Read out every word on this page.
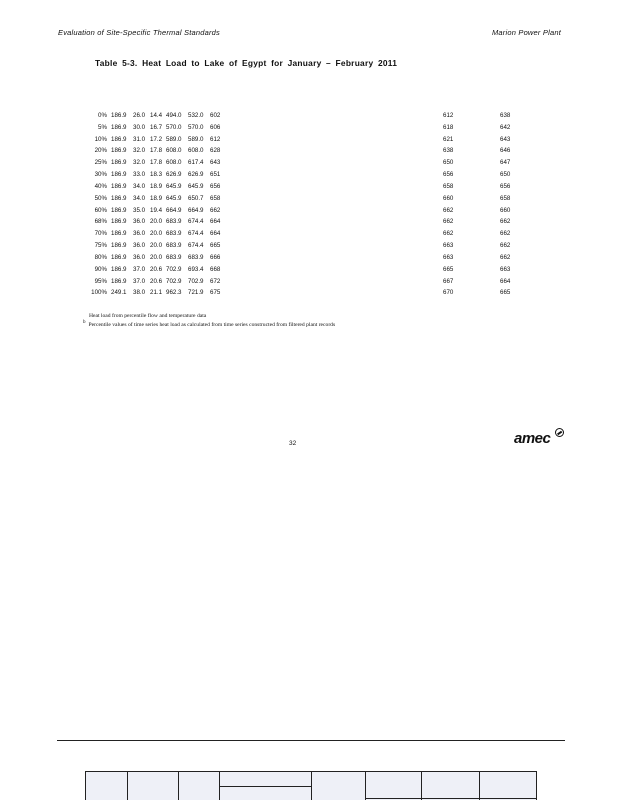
Evaluation of Site-Specific Thermal Standards	Marion Power Plant
Table 5-3. Heat Load to Lake of Egypt for January – February 2011
0% 186.9 26.0 14.4 494.0 532.0 602	612	638
5% 186.9 30.0 16.7 570.0 570.0 606	618	642
10% 186.9 31.0 17.2 589.0 589.0 612	621	643
20% 186.9 32.0 17.8 608.0 608.0 628	638	646
25% 186.9 32.0 17.8 608.0 617.4 643	650	647
30% 186.9 33.0 18.3 626.9 626.9 651	656	650
40% 186.9 34.0 18.9 645.9 645.9 656	658	656
50% 186.9 34.0 18.9 645.9 650.7 658	660	658
60% 186.9 35.0 19.4 664.9 664.9 662	662	660
68% 186.9 36.0 20.0 683.9 674.4 664	662	662
70% 186.9 36.0 20.0 683.9 674.4 664	662	662
75% 186.9 36.0 20.0 683.9 674.4 665	663	662
80% 186.9 36.0 20.0 683.9 683.9 666	663	662
90% 186.9 37.0 20.6 702.9 693.4 668	665	663
95% 186.9 37.0 20.6 702.9 702.9 672	667	664
100% 249.1 38.0 21.1 962.3 721.9 675	670	665
Heat load from percentile flow and temperature data
$^b$ Percentile values of time series heat load as calculated from time series constructed from filtered plant records
32	amec
